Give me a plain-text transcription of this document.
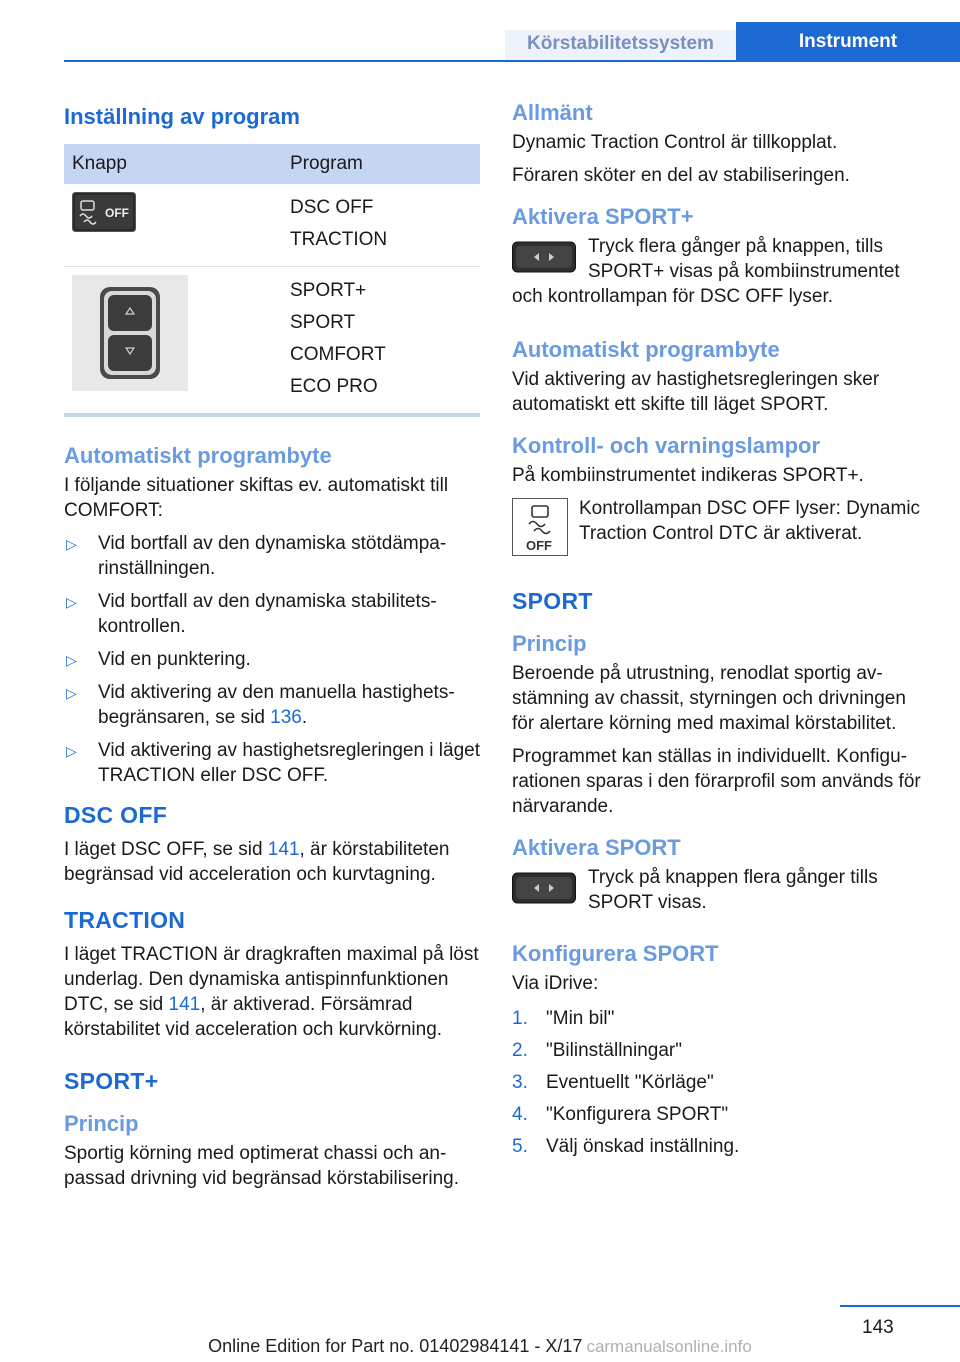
Körstabilitetssystem	Instrument
Inställning av program
Knapp	Program

OFF	DSC OFF
TRACTION

SPORT+
SPORT
COMFORT
ECO PRO
Automatiskt programbyte

I följande situationer skiftas ev. automatiskt till COMFORT:

▷ Vid bortfall av den dynamiska stötdämparinställningen.
▷ Vid bortfall av den dynamiska stabilitetskontrollen.
▷ Vid en punktering.
▷ Vid aktivering av den manuella hastighetsbegränsaren, se sid 136.
▷ Vid aktivering av hastighetsregleringen i läget TRACTION eller DSC OFF.
DSC OFF

I läget DSC OFF, se sid 141, är körstabiliteten begränsad vid acceleration och kurvtagning.

TRACTION

I läget TRACTION är dragkraften maximal på löst underlag. Den dynamiska antispinnfunktionen DTC, se sid 141, är aktiverad. Försämrad körstabilitet vid acceleration och kurvkörning.

SPORT+
Princip

Sportig körning med optimerat chassi och anpassad drivning vid begränsad körstabilisering.

Allmänt

Dynamic Traction Control är tillkopplat.

Föraren sköter en del av stabiliseringen.

Aktivera SPORT+
Tryck flera gånger på knappen, tills SPORT+ visas på kombiinstrumentet
och kontrollampan för DSC OFF lyser.
Automatiskt programbyte

Vid aktivering av hastighetsregleringen sker automatiskt ett skifte till läget SPORT.

Kontroll- och varningslampor

På kombiinstrumentet indikeras SPORT+.

OFF
Kontrollampan DSC OFF lyser: Dynamic Traction Control DTC är aktiverat.
SPORT
Princip

Beroende på utrustning, renodlat sportig avstämning av chassit, styrningen och drivningen för alertare körning med maximal körstabilitet.

Programmet kan ställas in individuellt. Konfigurationen sparas i den förarprofil som används för närvarande.

Aktivera SPORT
Tryck på knappen flera gånger tills SPORT visas.
Konfigurera SPORT

Via iDrive:

1. "Min bil"
2. "Bilinställningar"
3. Eventuellt "Körläge"
4. "Konfigurera SPORT"
5. Välj önskad inställning.
143
Online Edition for Part no. 01402984141 - X/17 carmanualsonline.info
